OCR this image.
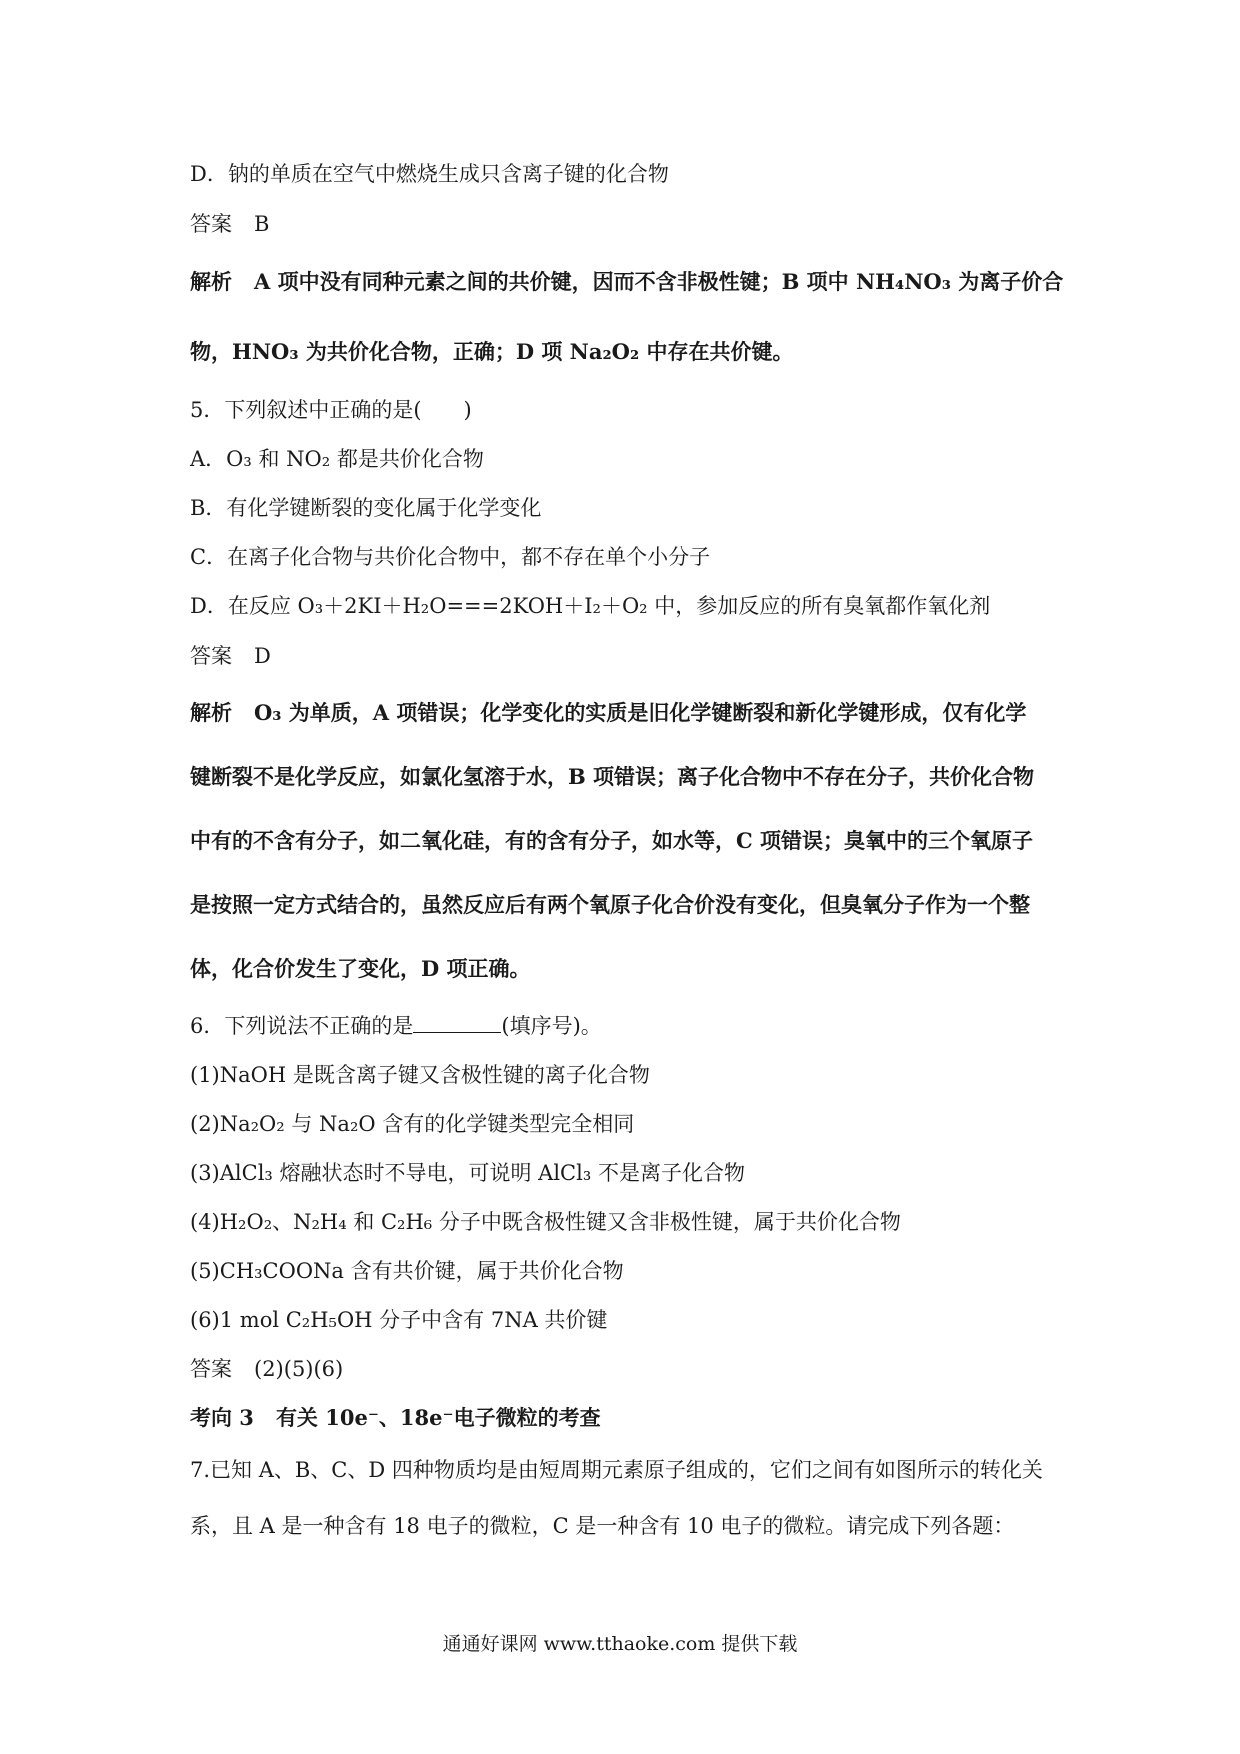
D．钠的单质在空气中燃烧生成只含离子键的化合物
答案 B
解析 A 项中没有同种元素之间的共价键，因而不含非极性键；B 项中 NH₄NO₃ 为离子价合
物，HNO₃ 为共价化合物，正确；D 项 Na₂O₂ 中存在共价键。
5．下列叙述中正确的是(　　)
A．O₃ 和 NO₂ 都是共价化合物
B．有化学键断裂的变化属于化学变化
C．在离子化合物与共价化合物中，都不存在单个小分子
D．在反应 O₃＋2KI＋H₂O===2KOH＋I₂＋O₂ 中，参加反应的所有臭氧都作氧化剂
答案 D
解析 O₃ 为单质，A 项错误；化学变化的实质是旧化学键断裂和新化学键形成，仅有化学
键断裂不是化学反应，如氯化氢溶于水，B 项错误；离子化合物中不存在分子，共价化合物
中有的不含有分子，如二氧化硅，有的含有分子，如水等，C 项错误；臭氧中的三个氧原子
是按照一定方式结合的，虽然反应后有两个氧原子化合价没有变化，但臭氧分子作为一个整
体，化合价发生了变化，D 项正确。
6．下列说法不正确的是	(填序号)。
(1)NaOH 是既含离子键又含极性键的离子化合物
(2)Na₂O₂ 与 Na₂O 含有的化学键类型完全相同
(3)AlCl₃ 熔融状态时不导电，可说明 AlCl₃ 不是离子化合物
(4)H₂O₂、N₂H₄ 和 C₂H₆ 分子中既含极性键又含非极性键，属于共价化合物
(5)CH₃COONa 含有共价键，属于共价化合物
(6)1 mol C₂H₅OH 分子中含有 7NA 共价键
答案 (2)(5)(6)
考向 3 有关 10e⁻、18e⁻电子微粒的考查
7.已知 A、B、C、D 四种物质均是由短周期元素原子组成的，它们之间有如图所示的转化关
系，且 A 是一种含有 18 电子的微粒，C 是一种含有 10 电子的微粒。请完成下列各题：
通通好课网 www.tthaoke.com 提供下载
